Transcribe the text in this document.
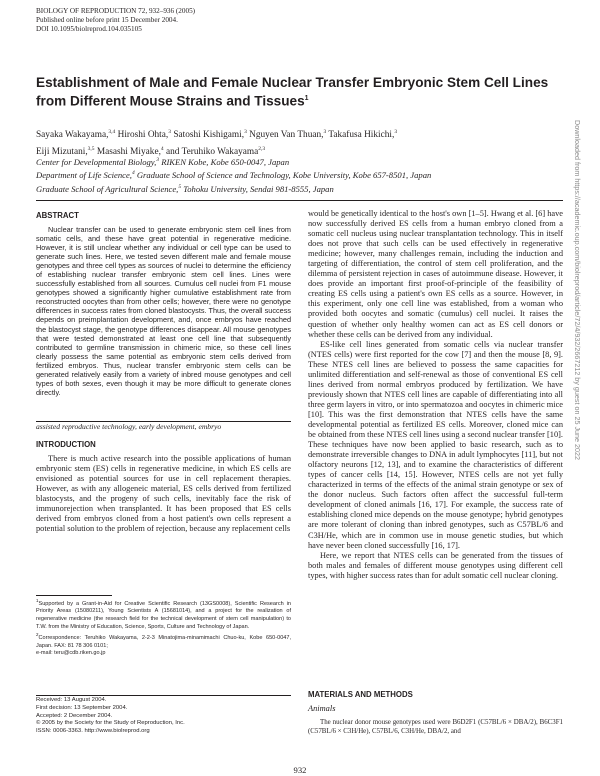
BIOLOGY OF REPRODUCTION 72, 932–936 (2005)
Published online before print 15 December 2004.
DOI 10.1095/biolreprod.104.035105
Establishment of Male and Female Nuclear Transfer Embryonic Stem Cell Lines
from Different Mouse Strains and Tissues$^1$
Sayaka Wakayama,$^{3,4}$ Hiroshi Ohta,$^3$ Satoshi Kishigami,$^3$ Nguyen Van Thuan,$^3$ Takafusa Hikichi,$^3$
Eiji Mizutani,$^{3,5}$ Masashi Miyake,$^4$ and Teruhiko Wakayama$^{2,3}$
Center for Developmental Biology,$^3$ RIKEN Kobe, Kobe 650-0047, Japan
Department of Life Science,$^4$ Graduate School of Science and Technology, Kobe University, Kobe 657-8501, Japan
Graduate School of Agricultural Science,$^5$ Tohoku University, Sendai 981-8555, Japan
ABSTRACT
Nuclear transfer can be used to generate embryonic stem cell lines from somatic cells, and these have great potential in regenerative medicine. However, it is still unclear whether any individual or cell type can be used to generate such lines. Here, we tested seven different male and female mouse genotypes and three cell types as sources of nuclei to determine the efficiency of establishing nuclear transfer embryonic stem cell lines. Lines were successfully established from all sources. Cumulus cell nuclei from F1 mouse genotypes showed a significantly higher cumulative establishment rate from reconstructed oocytes than from other cells; however, there were no genotype differences in success rates from cloned blastocysts. Thus, the overall success depends on preimplantation development, and, once embryos have reached the blastocyst stage, the genotype differences disappear. All mouse genotypes that were tested demonstrated at least one cell line that subsequently contributed to germline transmission in chimeric mice, so these cell lines clearly possess the same potential as embryonic stem cells derived from fertilized embryos. Thus, nuclear transfer embryonic stem cells can be generated relatively easily from a variety of inbred mouse genotypes and cell types of both sexes, even though it may be more difficult to generate clones directly.
assisted reproductive technology, early development, embryo
INTRODUCTION
There is much active research into the possible applications of human embryonic stem (ES) cells in regenerative medicine, in which ES cells are envisioned as potential sources for use in cell replacement therapies. However, as with any allogeneic material, ES cells derived from fertilized blastocysts, and the progeny of such cells, inevitably face the risk of immunorejection when transplanted. It has been proposed that ES cells derived from embryos cloned from a host patient's own cells represent a potential solution to the problem of rejection, because any replacement cells

$^1$Supported by a Grant-in-Aid for Creative Scientific Research (13GS0008), Scientific Research in Priority Areas (15080211), Young Scientists A (15681014), and a project for the realization of regenerative medicine (the research field for the technical development of stem cell manipulation) to T.W. from the Ministry of Education, Science, Sports, Culture and Technology of Japan.

$^2$Correspondence: Teruhiko Wakayama, 2-2-3 Minatojima-minamimachi Chuo-ku, Kobe 650-0047, Japan. FAX: 81 78 306 0101;
e-mail: teru@cdb.riken.go.jp

Received: 13 August 2004.
First decision: 13 September 2004.
Accepted: 2 December 2004.
© 2005 by the Society for the Study of Reproduction, Inc.
ISSN: 0006-3363. http://www.biolreprod.org

would be genetically identical to the host's own [1–5]. Hwang et al. [6] have now successfully derived ES cells from a human embryo cloned from a somatic cell nucleus using nuclear transplantation technology. This in itself does not prove that such cells can be used effectively in regenerative medicine; however, many challenges remain, including the induction and targeting of differentiation, the control of stem cell proliferation, and the dilemma of persistent rejection in cases of autoimmune disease. However, it does provide an important first proof-of-principle of the feasibility of creating ES cells using a patient's own ES cells as a source. However, in this experiment, only one cell line was established, from a woman who provided both oocytes and somatic (cumulus) cell nuclei. It raises the question of whether only healthy women can act as ES cell donors or whether these cells can be derived from any individual.

ES-like cell lines generated from somatic cells via nuclear transfer (NTES cells) were first reported for the cow [7] and then the mouse [8, 9]. These NTES cell lines are believed to possess the same capacities for unlimited differentiation and self-renewal as those of conventional ES cell lines derived from normal embryos produced by fertilization. We have previously shown that NTES cell lines are capable of differentiating into all three germ layers in vitro, or into spermatozoa and oocytes in chimeric mice [10]. This was the first demonstration that NTES cells have the same developmental potential as fertilized ES cells. Moreover, cloned mice can be obtained from these NTES cell lines using a second nuclear transfer [10]. These techniques have now been applied to basic research, such as to demonstrate irreversible changes to DNA in adult lymphocytes [11], but not olfactory neurons [12, 13], and to examine the characteristics of different types of cancer cells [14, 15]. However, NTES cells are not yet fully characterized in terms of the effects of the animal strain genotype or sex of the donor nucleus. Such factors often affect the successful full-term development of cloned animals [16, 17]. For example, the success rate of establishing cloned mice depends on the mouse genotype; hybrid genotypes are more tolerant of cloning than inbred genotypes, such as C57BL/6 and C3H/He, which are in common use in mouse genetic studies, but which have never been cloned successfully [16, 17].

Here, we report that NTES cells can be generated from the tissues of both males and females of different mouse genotypes using different cell types, with higher success rates than for adult somatic cell nuclear cloning.

MATERIALS AND METHODS
Animals
The nuclear donor mouse genotypes used were B6D2F1 (C57BL/6 × DBA/2), B6C3F1 (C57BL/6 × C3H/He), C57BL/6, C3H/He, DBA/2, and
932
Downloaded from https://academic.oup.com/biolreprod/article/72/4/932/2667212 by guest on 25 June 2022
